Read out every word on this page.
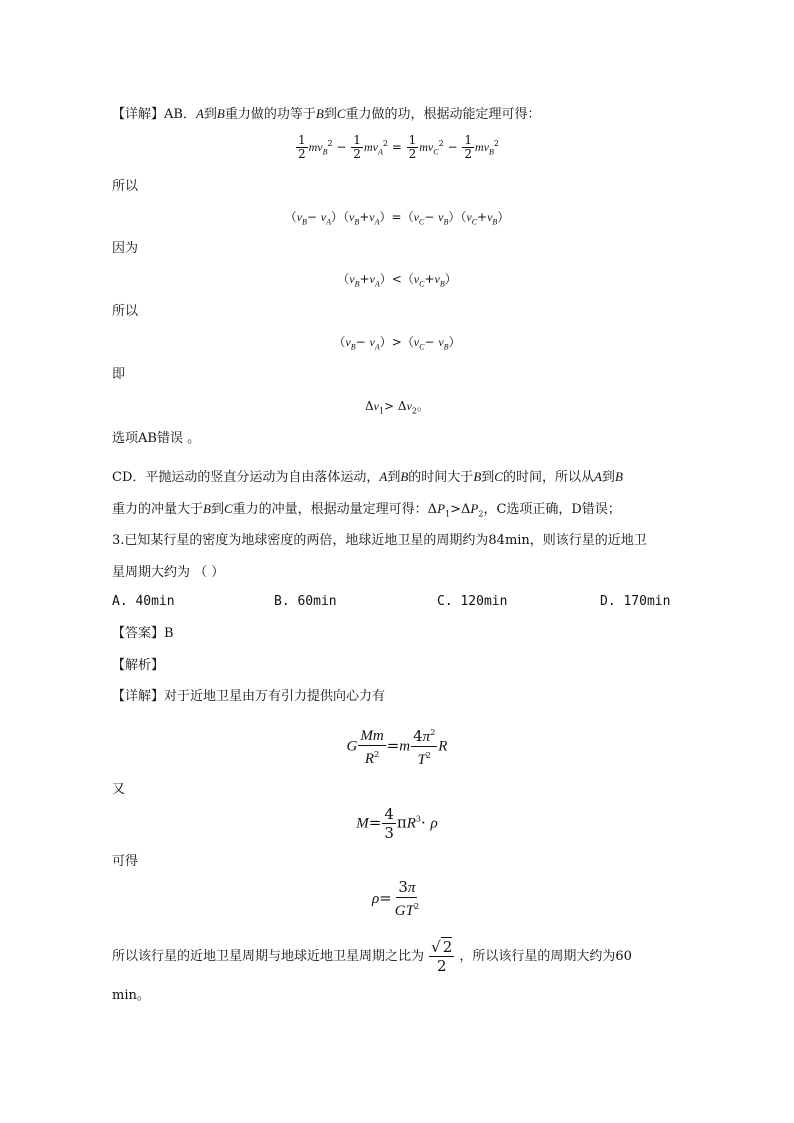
【详解】AB．A到B重力做的功等于B到C重力做的功，根据动能定理可得：
$\frac{1}{2} mv_B^2 - \frac{1}{2} mv_A^2 = \frac{1}{2} mv_C^2 - \frac{1}{2} mv_B^2$
所以
$(v_B- v_A)(v_B+v_A)=(v_C- v_B)(v_C+v_B)$
因为
$(v_B+v_A)<(v_C+v_B)$
所以
$(v_B- v_A)>(v_C- v_B)$
即
$\Delta v_1> \Delta v_2$。
选项AB错误 。
CD．平抛运动的竖直分运动为自由落体运动，A到B的时间大于B到C的时间，所以从A到B
重力的冲量大于B到C重力的冲量，根据动量定理可得：$\Delta P_1>\Delta P_2$，C选项正确，D错误；
3.已知某行星的密度为地球密度的两倍，地球近地卫星的周期约为84min，则该行星的近地卫
星周期大约为 （ ）
A. 40min	B. 60min	C. 120min	D. 170min
【答案】B
【解析】
【详解】对于近地卫星由万有引力提供向心力有
G $\frac{Mm}{R^2} =m \frac{4\pi^2}{T^2}$ R
又
$M= \frac{4}{3} \pi R^3\cdot \rho$
可得
$\rho= \frac{3\pi}{GT^2}$
所以该行星的近地卫星周期与地球近地卫星周期之比为 $\frac{√ 2}{2}$ ，所以该行星的周期大约为60
min。
